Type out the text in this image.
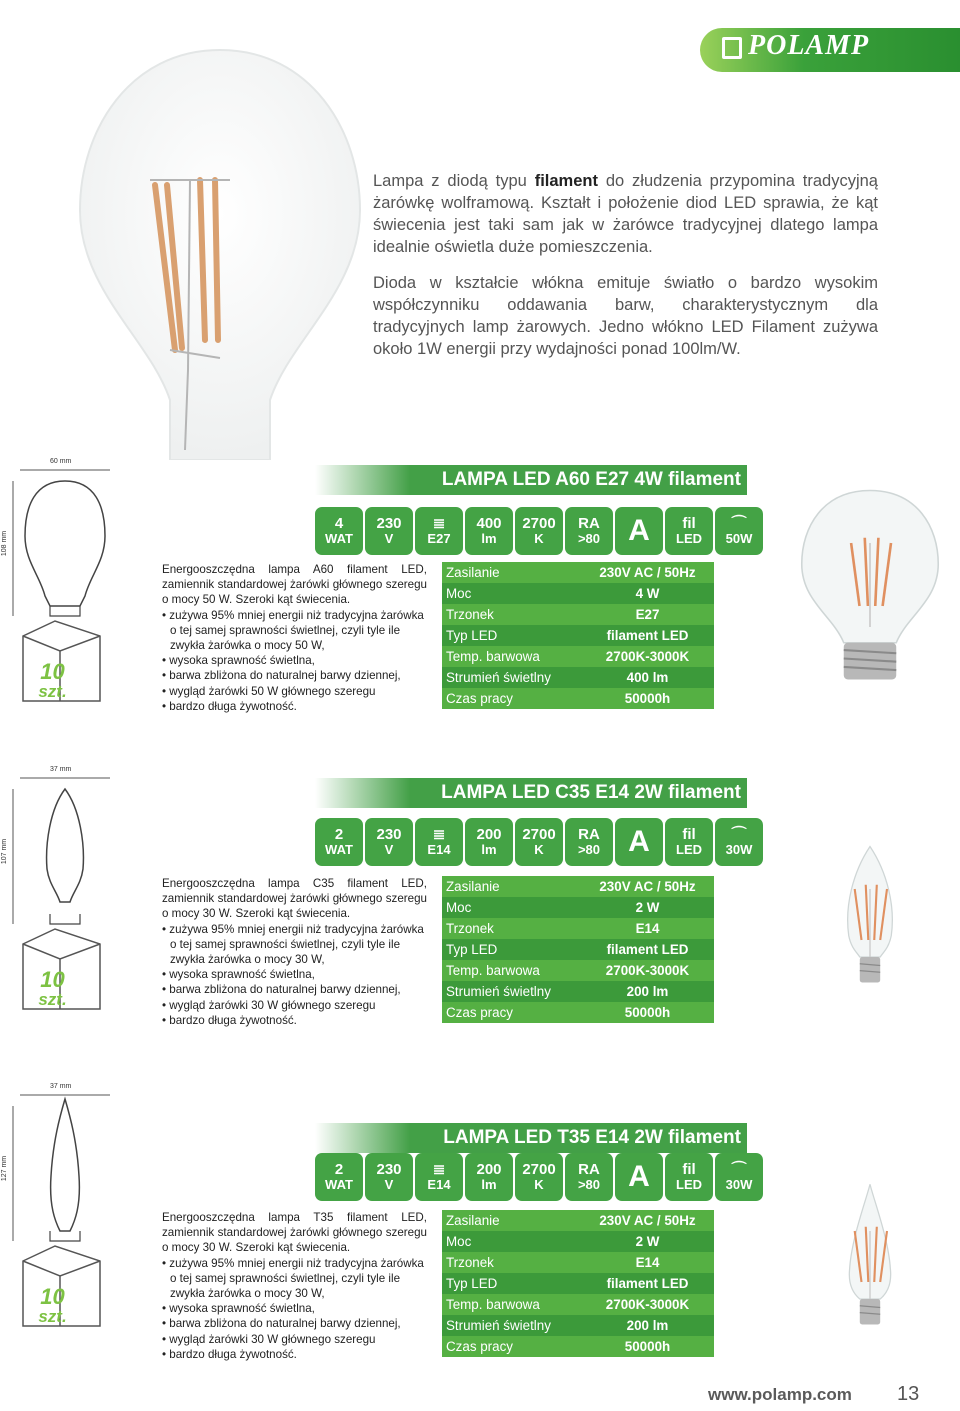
POLAMP

Lampa z diodą typu filament do złudzenia przypomina tradycyjną żarówkę wolframową. Kształt i położenie diod LED sprawia, że kąt świecenia jest taki sam jak w żarówce tradycyjnej dlatego lampa idealnie oświetla duże pomieszczenia.

Dioda w kształcie włókna emituje światło o bardzo wysokim współczynniku oddawania barw, charakterystycznym dla tradycyjnych lamp żarowych. Jedno włókno LED Filament zużywa około 1W energii przy wydajności ponad 100lm/W.

LAMPA LED A60 E27 4W filament
60 mm
108 mm
10
szt.
4
WAT
230
V
≣
E27
400
lm
2700
K
RA
>80 A fil
LED
⌒
50W

Energooszczędna lampa A60 filament LED, zamiennik standardowej żarówki głównego szeregu o mocy 50 W. Szeroki kąt świecenia.

• zużywa 95% mniej energii niż tradycyjna żarówka o tej samej sprawności świetlnej, czyli tyle ile zwykła żarówka o mocy 50 W,
• wysoka sprawność świetlna,
• barwa zbliżona do naturalnej barwy dziennej,
• wygląd żarówki 50 W głównego szeregu
• bardzo długa żywotność.
Zasilanie	230V AC / 50Hz
Moc	4 W
Trzonek	E27
Typ LED	filament LED
Temp. barwowa	2700K-3000K
Strumień świetlny	400 lm
Czas pracy	50000h
LAMPA LED C35 E14 2W filament
37 mm
107 mm
10
szt.
2
WAT
230
V
≣
E14
200
lm
2700
K
RA
>80 A fil
LED
⌒
30W

Energooszczędna lampa C35 filament LED, zamiennik standardowej żarówki głównego szeregu o mocy 30 W. Szeroki kąt świecenia.

• zużywa 95% mniej energii niż tradycyjna żarówka o tej samej sprawności świetlnej, czyli tyle ile zwykła żarówka o mocy 30 W,
• wysoka sprawność świetlna,
• barwa zbliżona do naturalnej barwy dziennej,
• wygląd żarówki 30 W głównego szeregu
• bardzo długa żywotność.
Zasilanie	230V AC / 50Hz
Moc	2 W
Trzonek	E14
Typ LED	filament LED
Temp. barwowa	2700K-3000K
Strumień świetlny	200 lm
Czas pracy	50000h
LAMPA LED T35 E14 2W filament
37 mm
127 mm
10
szt.
2
WAT
230
V
≣
E14
200
lm
2700
K
RA
>80 A fil
LED
⌒
30W

Energooszczędna lampa T35 filament LED, zamiennik standardowej żarówki głównego szeregu o mocy 30 W. Szeroki kąt świecenia.

• zużywa 95% mniej energii niż tradycyjna żarówka o tej samej sprawności świetlnej, czyli tyle ile zwykła żarówka o mocy 30 W,
• wysoka sprawność świetlna,
• barwa zbliżona do naturalnej barwy dziennej,
• wygląd żarówki 30 W głównego szeregu
• bardzo długa żywotność.
Zasilanie	230V AC / 50Hz
Moc	2 W
Trzonek	E14
Typ LED	filament LED
Temp. barwowa	2700K-3000K
Strumień świetlny	200 lm
Czas pracy	50000h
www.polamp.com 13
